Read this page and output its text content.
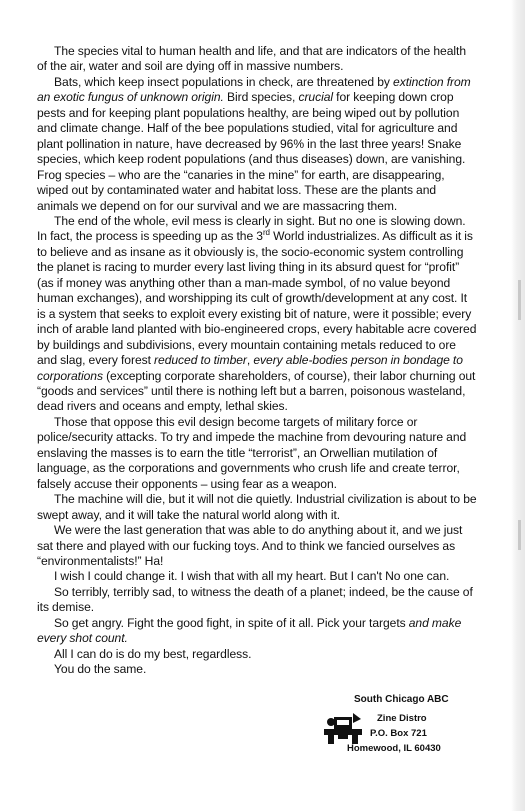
The species vital to human health and life, and that are indicators of the health of the air, water and soil are dying off in massive numbers.

Bats, which keep insect populations in check, are threatened by extinction from an exotic fungus of unknown origin. Bird species, crucial for keeping down crop pests and for keeping plant populations healthy, are being wiped out by pollution and climate change. Half of the bee populations studied, vital for agriculture and plant pollination in nature, have decreased by 96% in the last three years! Snake species, which keep rodent populations (and thus diseases) down, are vanishing. Frog species – who are the “canaries in the mine” for earth, are disappearing, wiped out by contaminated water and habitat loss. These are the plants and animals we depend on for our survival and we are massacring them.

The end of the whole, evil mess is clearly in sight. But no one is slowing down. In fact, the process is speeding up as the 3rd World industrializes. As difficult as it is to believe and as insane as it obviously is, the socio-economic system controlling the planet is racing to murder every last living thing in its absurd quest for “profit” (as if money was anything other than a man-made symbol, of no value beyond human exchanges), and worshipping its cult of growth/development at any cost. It is a system that seeks to exploit every existing bit of nature, were it possible; every inch of arable land planted with bio-engineered crops, every habitable acre covered by buildings and subdivisions, every mountain containing metals reduced to ore and slag, every forest reduced to timber, every able-bodies person in bondage to corporations (excepting corporate shareholders, of course), their labor churning out “goods and services” until there is nothing left but a barren, poisonous wasteland, dead rivers and oceans and empty, lethal skies.

Those that oppose this evil design become targets of military force or police/security attacks. To try and impede the machine from devouring nature and enslaving the masses is to earn the title “terrorist”, an Orwellian mutilation of language, as the corporations and governments who crush life and create terror, falsely accuse their opponents – using fear as a weapon.

The machine will die, but it will not die quietly. Industrial civilization is about to be swept away, and it will take the natural world along with it.

We were the last generation that was able to do anything about it, and we just sat there and played with our fucking toys. And to think we fancied ourselves as “environmentalists!” Ha!

I wish I could change it. I wish that with all my heart. But I can't No one can.

So terribly, terribly sad, to witness the death of a planet; indeed, be the cause of its demise.

So get angry. Fight the good fight, in spite of it all. Pick your targets and make every shot count.

All I can do is do my best, regardless.

You do the same.

South Chicago ABC
Zine Distro
P.O. Box 721
Homewood, IL 60430
